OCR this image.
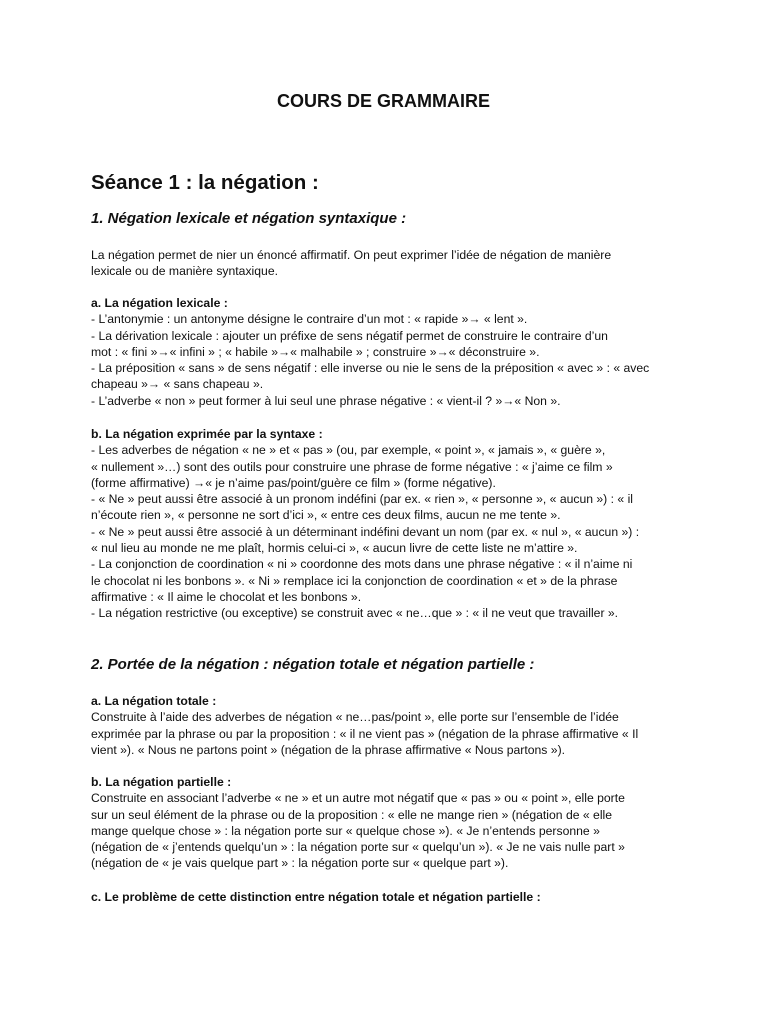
COURS DE GRAMMAIRE
Séance 1 : la négation :
1. Négation lexicale et négation syntaxique :

La négation permet de nier un énoncé affirmatif. On peut exprimer l’idée de négation de manière
lexicale ou de manière syntaxique.

a. La négation lexicale :

- L’antonymie : un antonyme désigne le contraire d’un mot : « rapide »→ « lent ».
- La dérivation lexicale : ajouter un préfixe de sens négatif permet de construire le contraire d’un
mot : « fini »→« infini » ; « habile »→« malhabile » ; construire »→« déconstruire ».
- La préposition « sans » de sens négatif : elle inverse ou nie le sens de la préposition « avec » : « avec
chapeau »→ « sans chapeau ».
- L’adverbe « non » peut former à lui seul une phrase négative : « vient-il ? »→« Non ».

b. La négation exprimée par la syntaxe :

- Les adverbes de négation « ne » et « pas » (ou, par exemple, « point », « jamais », « guère »,
« nullement »…) sont des outils pour construire une phrase de forme négative : « j’aime ce film »
(forme affirmative) →« je n’aime pas/point/guère ce film » (forme négative).
- « Ne » peut aussi être associé à un pronom indéfini (par ex. « rien », « personne », « aucun ») : « il
n’écoute rien », « personne ne sort d’ici », « entre ces deux films, aucun ne me tente ».
- « Ne » peut aussi être associé à un déterminant indéfini devant un nom (par ex. « nul », « aucun ») :
« nul lieu au monde ne me plaît, hormis celui-ci », « aucun livre de cette liste ne m’attire ».
- La conjonction de coordination « ni » coordonne des mots dans une phrase négative : « il n’aime ni
le chocolat ni les bonbons ». « Ni » remplace ici la conjonction de coordination « et » de la phrase
affirmative : « Il aime le chocolat et les bonbons ».
- La négation restrictive (ou exceptive) se construit avec « ne…que » : « il ne veut que travailler ».

2. Portée de la négation : négation totale et négation partielle :

a. La négation totale :

Construite à l’aide des adverbes de négation « ne…pas/point », elle porte sur l’ensemble de l’idée
exprimée par la phrase ou par la proposition : « il ne vient pas » (négation de la phrase affirmative « Il
vient »). « Nous ne partons point » (négation de la phrase affirmative « Nous partons »).

b. La négation partielle :

Construite en associant l’adverbe « ne » et un autre mot négatif que « pas » ou « point », elle porte
sur un seul élément de la phrase ou de la proposition : « elle ne mange rien » (négation de « elle
mange quelque chose » : la négation porte sur « quelque chose »). « Je n’entends personne »
(négation de « j’entends quelqu’un » : la négation porte sur « quelqu’un »). « Je ne vais nulle part »
(négation de « je vais quelque part » : la négation porte sur « quelque part »).

c. Le problème de cette distinction entre négation totale et négation partielle :
